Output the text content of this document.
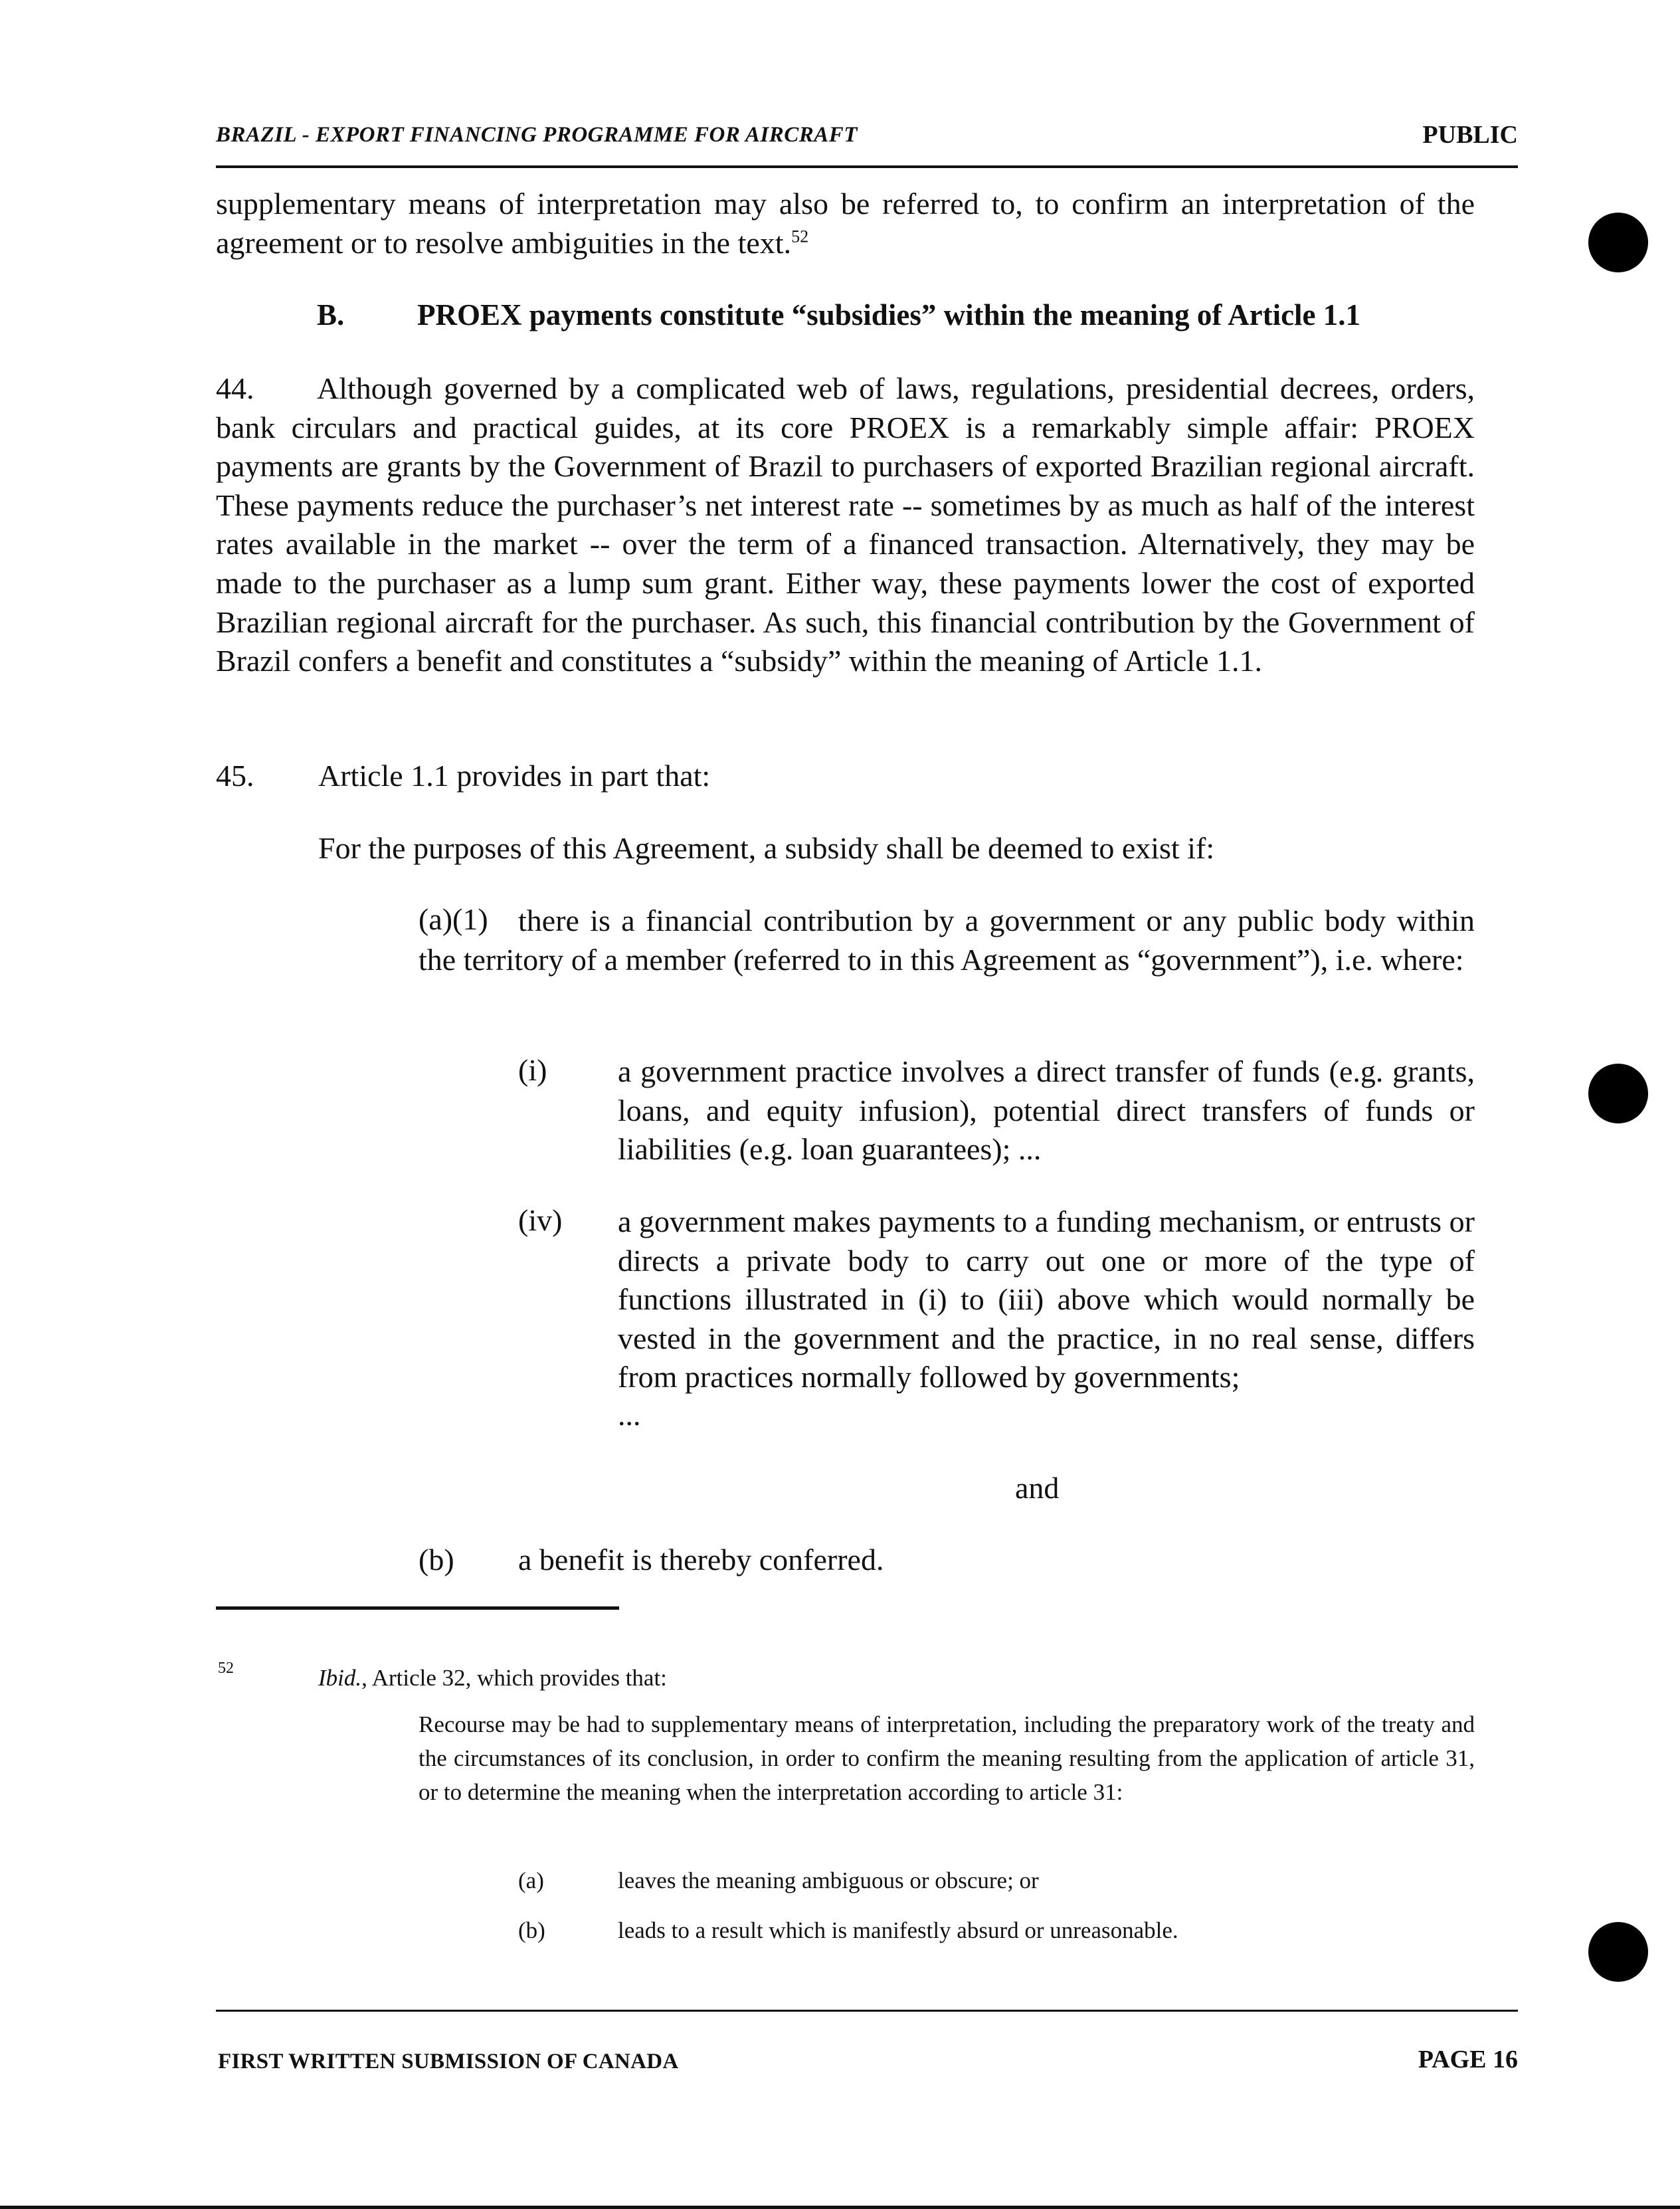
BRAZIL - EXPORT FINANCING PROGRAMME FOR AIRCRAFT	PUBLIC
supplementary means of interpretation may also be referred to, to confirm an interpretation of the agreement or to resolve ambiguities in the text.$^{52}$
B. PROEX payments constitute “subsidies” within the meaning of Article 1.1
44. Although governed by a complicated web of laws, regulations, presidential decrees, orders, bank circulars and practical guides, at its core PROEX is a remarkably simple affair: PROEX payments are grants by the Government of Brazil to purchasers of exported Brazilian regional aircraft. These payments reduce the purchaser’s net interest rate -- sometimes by as much as half of the interest rates available in the market -- over the term of a financed transaction. Alternatively, they may be made to the purchaser as a lump sum grant. Either way, these payments lower the cost of exported Brazilian regional aircraft for the purchaser. As such, this financial contribution by the Government of Brazil confers a benefit and constitutes a “subsidy” within the meaning of Article 1.1.
45. Article 1.1 provides in part that:
For the purposes of this Agreement, a subsidy shall be deemed to exist if:
(a)(1) there is a financial contribution by a government or any public body within the territory of a member (referred to in this Agreement as “government”), i.e. where:
(i) a government practice involves a direct transfer of funds (e.g. grants, loans, and equity infusion), potential direct transfers of funds or liabilities (e.g. loan guarantees); ...
(iv) a government makes payments to a funding mechanism, or entrusts or directs a private body to carry out one or more of the type of functions illustrated in (i) to (iii) above which would normally be vested in the government and the practice, in no real sense, differs from practices normally followed by governments;
...
and
(b) a benefit is thereby conferred.
52	Ibid., Article 32, which provides that:
Recourse may be had to supplementary means of interpretation, including the preparatory work of the treaty and the circumstances of its conclusion, in order to confirm the meaning resulting from the application of article 31, or to determine the meaning when the interpretation according to article 31:
(a)	leaves the meaning ambiguous or obscure; or
(b)	leads to a result which is manifestly absurd or unreasonable.
FIRST WRITTEN SUBMISSION OF CANADA	PAGE 16
